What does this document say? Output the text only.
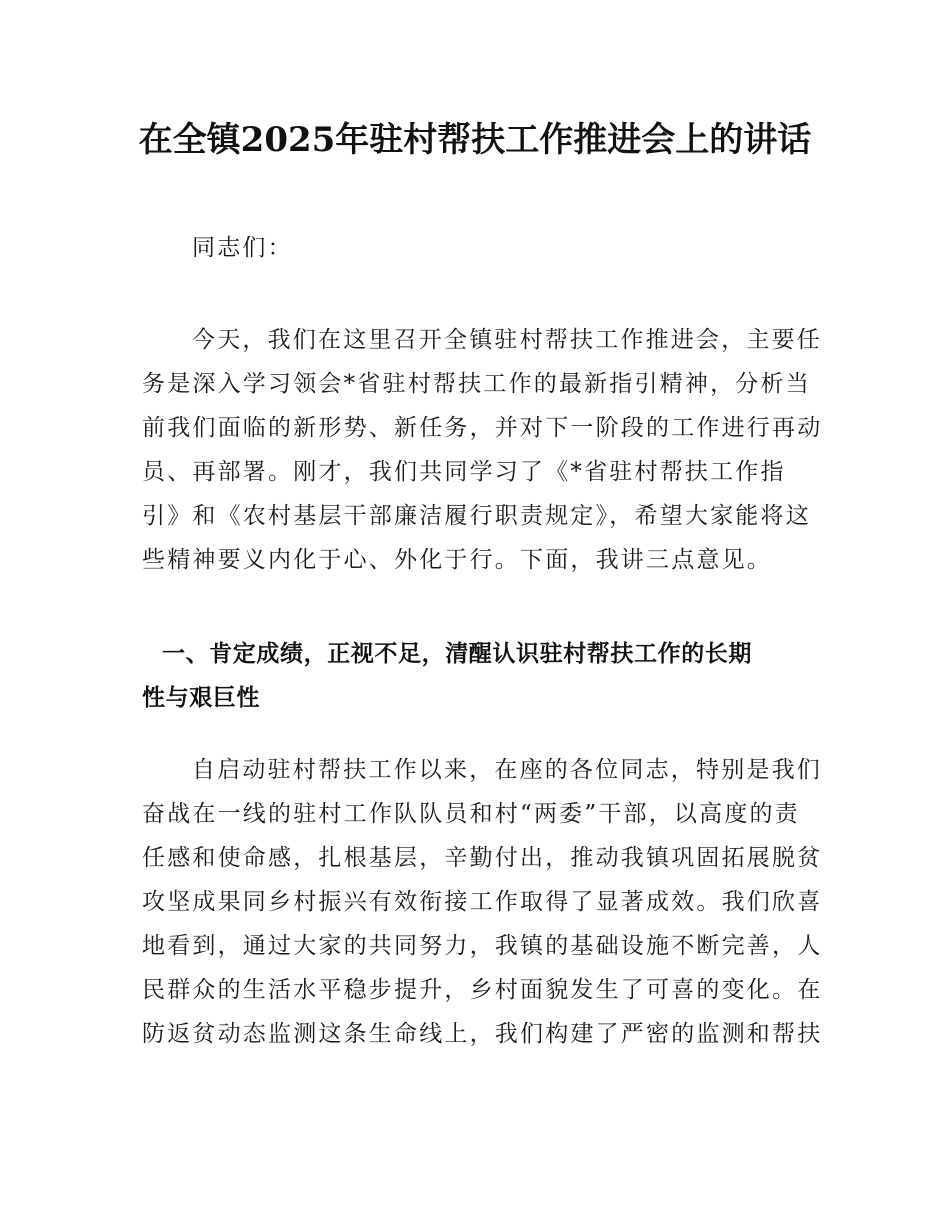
在全镇2025年驻村帮扶工作推进会上的讲话
同志们：
今天，我们在这里召开全镇驻村帮扶工作推进会，主要任
务是深入学习领会*省驻村帮扶工作的最新指引精神，分析当
前我们面临的新形势、新任务，并对下一阶段的工作进行再动
员、再部署。刚才，我们共同学习了《*省驻村帮扶工作指
引》和《农村基层干部廉洁履行职责规定》，希望大家能将这
些精神要义内化于心、外化于行。下面，我讲三点意见。
一、肯定成绩，正视不足，清醒认识驻村帮扶工作的长期
性与艰巨性
自启动驻村帮扶工作以来，在座的各位同志，特别是我们
奋战在一线的驻村工作队队员和村“两委”干部，以高度的责
任感和使命感，扎根基层，辛勤付出，推动我镇巩固拓展脱贫
攻坚成果同乡村振兴有效衔接工作取得了显著成效。我们欣喜
地看到，通过大家的共同努力，我镇的基础设施不断完善，人
民群众的生活水平稳步提升，乡村面貌发生了可喜的变化。在
防返贫动态监测这条生命线上，我们构建了严密的监测和帮扶
